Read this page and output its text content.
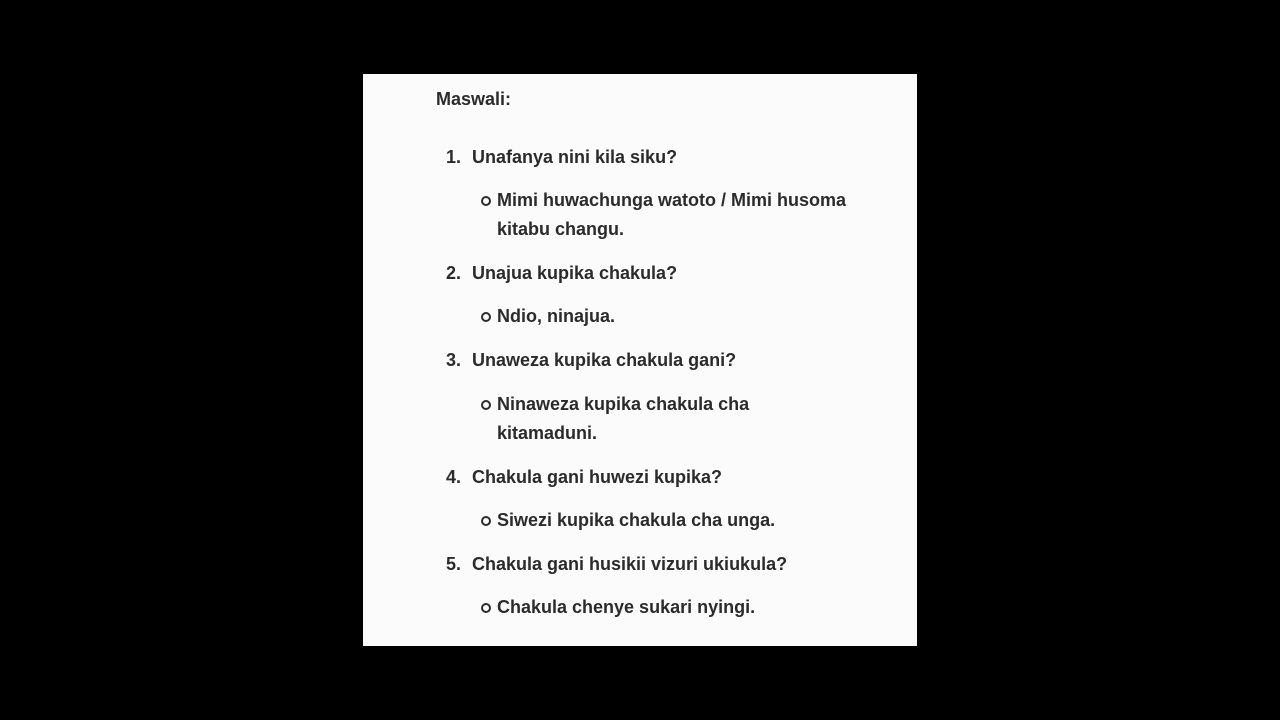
Maswali:
1. Unafanya nini kila siku?
Mimi huwachunga watoto / Mimi husoma kitabu changu.
2. Unajua kupika chakula?
Ndio, ninajua.
3. Unaweza kupika chakula gani?
Ninaweza kupika chakula cha kitamaduni.
4. Chakula gani huwezi kupika?
Siwezi kupika chakula cha unga.
5. Chakula gani husikii vizuri ukiukula?
Chakula chenye sukari nyingi.
